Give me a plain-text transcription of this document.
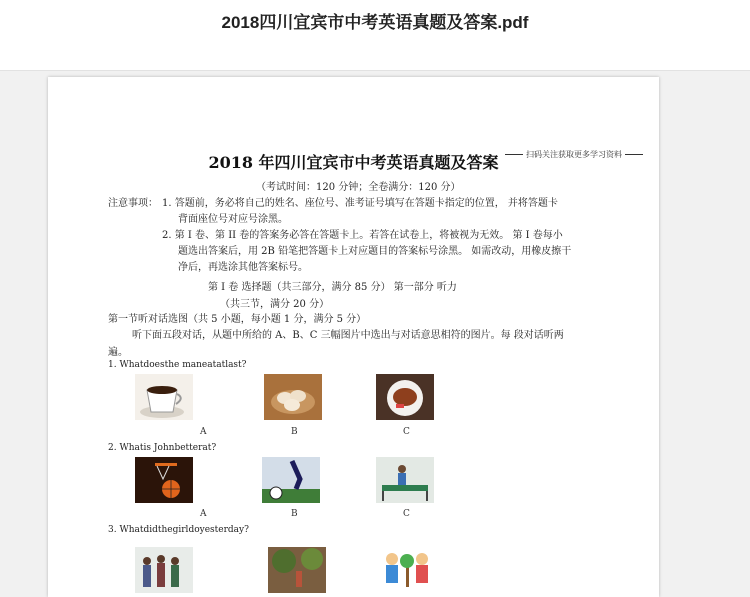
2018四川宜宾市中考英语真题及答案.pdf
扫码关注获取更多学习资料
2018 年四川宜宾市中考英语真题及答案
（考试时间：120 分钟；全卷满分：120 分）
注意事项： 1. 答题前，务必将自己的姓名、座位号、准考证号填写在答题卡指定的位置， 并将答题卡
背面座位号对应号涂黑。
2. 第 I 卷、第 II 卷的答案务必答在答题卡上。若答在试卷上，将被视为无效。 第 I 卷每小
题选出答案后，用 2B 铅笔把答题卡上对应题目的答案标号涂黑。 如需改动，用橡皮擦干
净后，再选涂其他答案标号。
第 I 卷 选择题（共三部分，满分 85 分） 第一部分 听力
（共三节，满分 20 分）
第一节听对话选图（共 5 小题，每小题 1 分，满分 5 分）
听下面五段对话，从题中所给的 A、B、C 三幅图片中选出与对话意思相符的图片。每 段对话听两
遍。
1. Whatdoesthe maneatatlast?
A	B	C
2. Whatis Johnbetterat?
A	B	C
3. Whatdidthegirldoyesterday?
